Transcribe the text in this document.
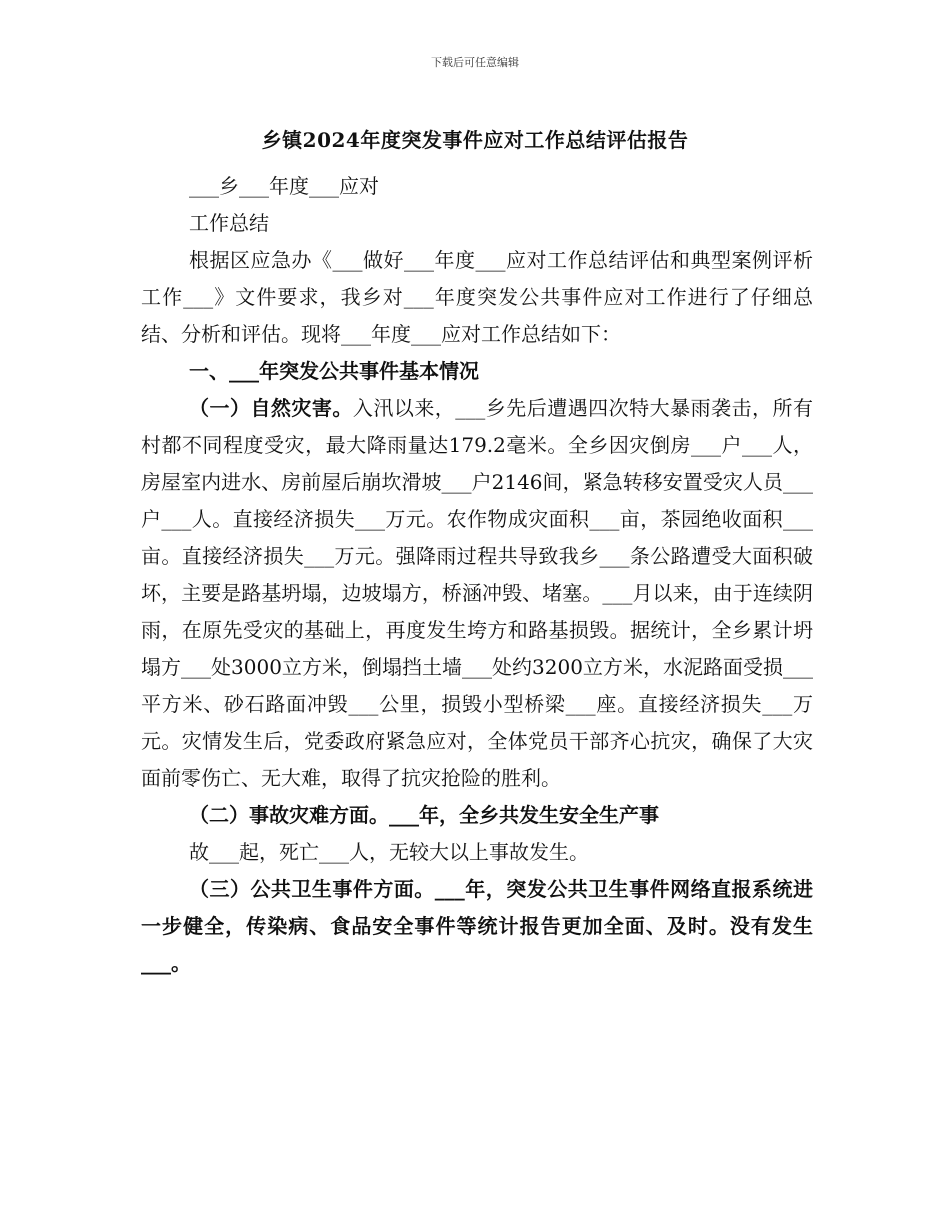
下载后可任意编辑
乡镇2024年度突发事件应对工作总结评估报告

___乡___年度___应对

工作总结

根据区应急办《___做好___年度___应对工作总结评估和典型案例评析工作___》文件要求，我乡对___年度突发公共事件应对工作进行了仔细总结、分析和评估。现将___年度___应对工作总结如下：

一、___年突发公共事件基本情况

（一）自然灾害。入汛以来，___乡先后遭遇四次特大暴雨袭击，所有村都不同程度受灾，最大降雨量达179.2毫米。全乡因灾倒房___户___人，房屋室内进水、房前屋后崩坎滑坡___户2146间，紧急转移安置受灾人员___户___人。直接经济损失___万元。农作物成灾面积___亩，茶园绝收面积___亩。直接经济损失___万元。强降雨过程共导致我乡___条公路遭受大面积破坏，主要是路基坍塌，边坡塌方，桥涵冲毁、堵塞。___月以来，由于连续阴雨，在原先受灾的基础上，再度发生垮方和路基损毁。据统计，全乡累计坍塌方___处3000立方米，倒塌挡土墙___处约3200立方米，水泥路面受损___平方米、砂石路面冲毁___公里，损毁小型桥梁___座。直接经济损失___万元。灾情发生后，党委政府紧急应对，全体党员干部齐心抗灾，确保了大灾面前零伤亡、无大难，取得了抗灾抢险的胜利。

（二）事故灾难方面。___年，全乡共发生安全生产事

故___起，死亡___人，无较大以上事故发生。

（三）公共卫生事件方面。___年，突发公共卫生事件网络直报系统进一步健全，传染病、食品安全事件等统计报告更加全面、及时。没有发生___。
